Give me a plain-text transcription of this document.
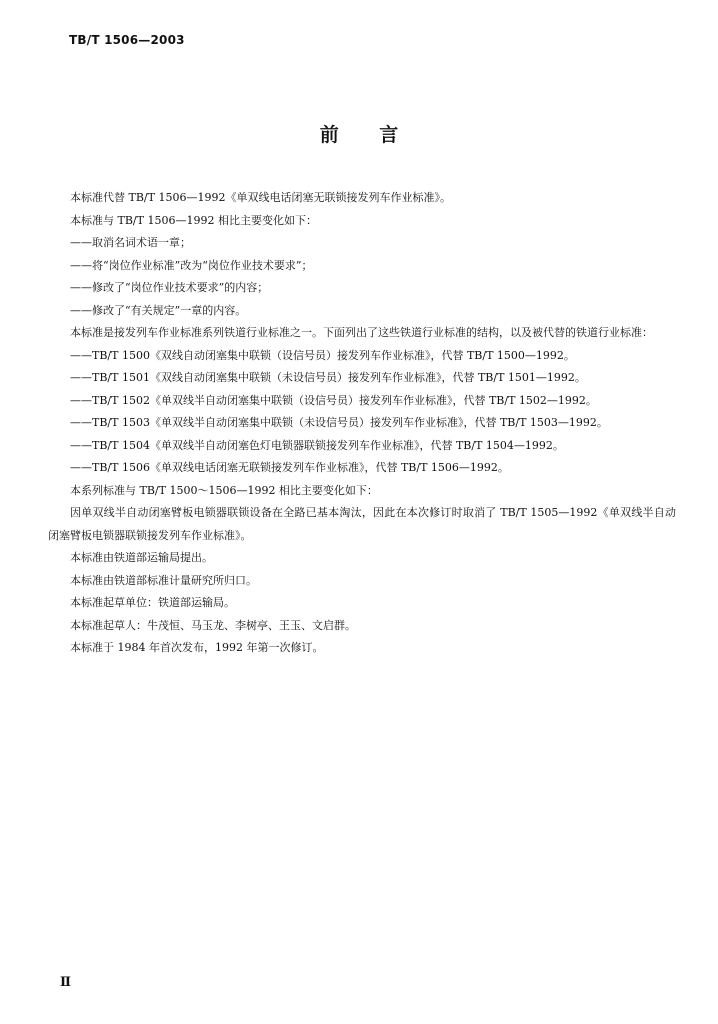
TB/T 1506—2003
前 言

本标准代替 TB/T 1506—1992《单双线电话闭塞无联锁接发列车作业标准》。

本标准与 TB/T 1506—1992 相比主要变化如下：

——取消名词术语一章；

——将“岗位作业标准”改为“岗位作业技术要求”；

——修改了“岗位作业技术要求”的内容；

——修改了“有关规定”一章的内容。

本标准是接发列车作业标准系列铁道行业标准之一。下面列出了这些铁道行业标准的结构，以及被代替的铁道行业标准：

——TB/T 1500《双线自动闭塞集中联锁（设信号员）接发列车作业标准》，代替 TB/T 1500—1992。

——TB/T 1501《双线自动闭塞集中联锁（未设信号员）接发列车作业标准》，代替 TB/T 1501—1992。

——TB/T 1502《单双线半自动闭塞集中联锁（设信号员）接发列车作业标准》，代替 TB/T 1502—1992。

——TB/T 1503《单双线半自动闭塞集中联锁（未设信号员）接发列车作业标准》，代替 TB/T 1503—1992。

——TB/T 1504《单双线半自动闭塞色灯电锁器联锁接发列车作业标准》，代替 TB/T 1504—1992。

——TB/T 1506《单双线电话闭塞无联锁接发列车作业标准》，代替 TB/T 1506—1992。

本系列标准与 TB/T 1500～1506—1992 相比主要变化如下：

因单双线半自动闭塞臂板电锁器联锁设备在全路已基本淘汰，因此在本次修订时取消了 TB/T 1505—1992《单双线半自动闭塞臂板电锁器联锁接发列车作业标准》。

本标准由铁道部运输局提出。

本标准由铁道部标准计量研究所归口。

本标准起草单位：铁道部运输局。

本标准起草人：牛茂恒、马玉龙、李树亭、王玉、文启群。

本标准于 1984 年首次发布，1992 年第一次修订。

Ⅱ
